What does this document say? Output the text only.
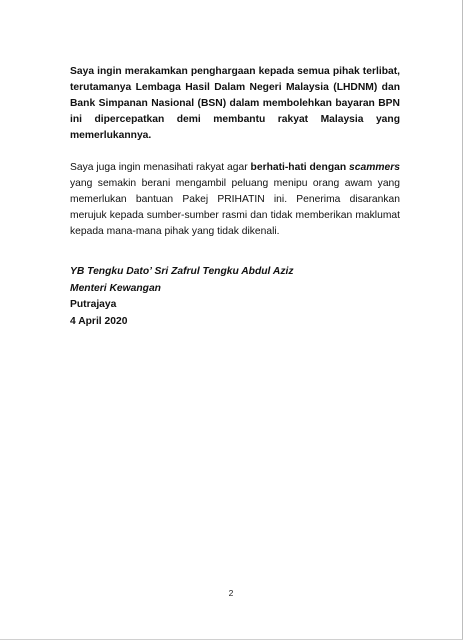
Saya ingin merakamkan penghargaan kepada semua pihak terlibat, terutamanya Lembaga Hasil Dalam Negeri Malaysia (LHDNM) dan Bank Simpanan Nasional (BSN) dalam membolehkan bayaran BPN ini dipercepatkan demi membantu rakyat Malaysia yang memerlukannya.

Saya juga ingin menasihati rakyat agar berhati-hati dengan scammers yang semakin berani mengambil peluang menipu orang awam yang memerlukan bantuan Pakej PRIHATIN ini. Penerima disarankan merujuk kepada sumber-sumber rasmi dan tidak memberikan maklumat kepada mana-mana pihak yang tidak dikenali.

YB Tengku Dato’ Sri Zafrul Tengku Abdul Aziz
Menteri Kewangan
Putrajaya
4 April 2020
2
